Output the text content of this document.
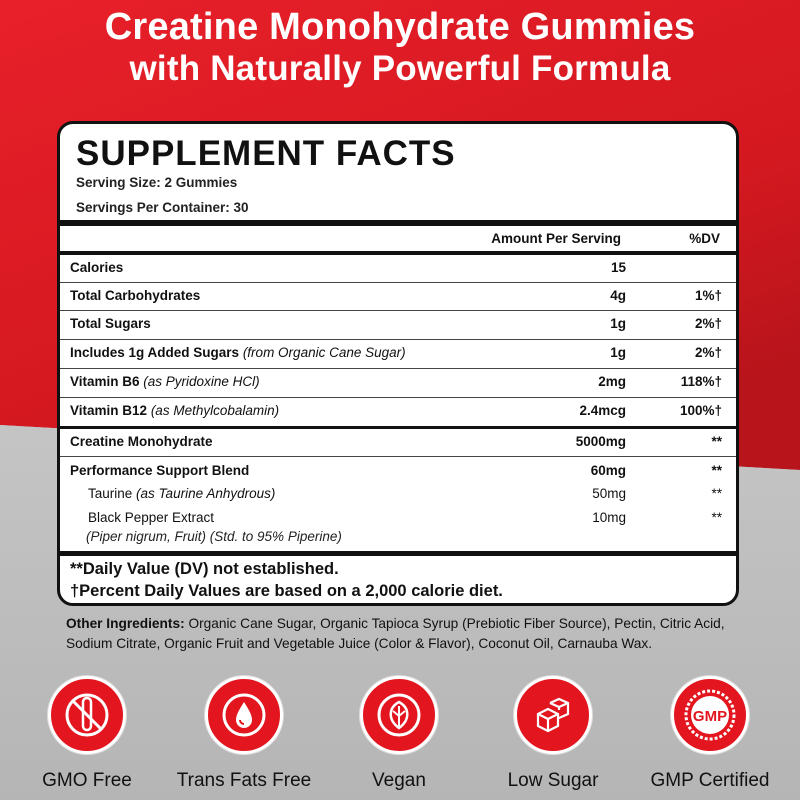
Creatine Monohydrate Gummies
with Naturally Powerful Formula
SUPPLEMENT FACTS
Serving Size: 2 Gummies
Servings Per Container: 30
Amount Per Serving	%DV
Calories	15
Total Carbohydrates	4g	1%†
Total Sugars	1g	2%†
Includes 1g Added Sugars (from Organic Cane Sugar)	1g	2%†
Vitamin B6 (as Pyridoxine HCl)	2mg	118%†
Vitamin B12 (as Methylcobalamin)	2.4mcg	100%†
Creatine Monohydrate	5000mg	**
Performance Support Blend	60mg	**
Taurine (as Taurine Anhydrous)	50mg	**
Black Pepper Extract	10mg	**
(Piper nigrum, Fruit) (Std. to 95% Piperine)
**Daily Value (DV) not established.
†Percent Daily Values are based on a 2,000 calorie diet.
Other Ingredients: Organic Cane Sugar, Organic Tapioca Syrup (Prebiotic Fiber Source), Pectin, Citric Acid, Sodium Citrate, Organic Fruit and Vegetable Juice (Color & Flavor), Coconut Oil, Carnauba Wax.
GMO Free	Trans Fats Free	Vegan	Low Sugar
GMP
GMP Certified
